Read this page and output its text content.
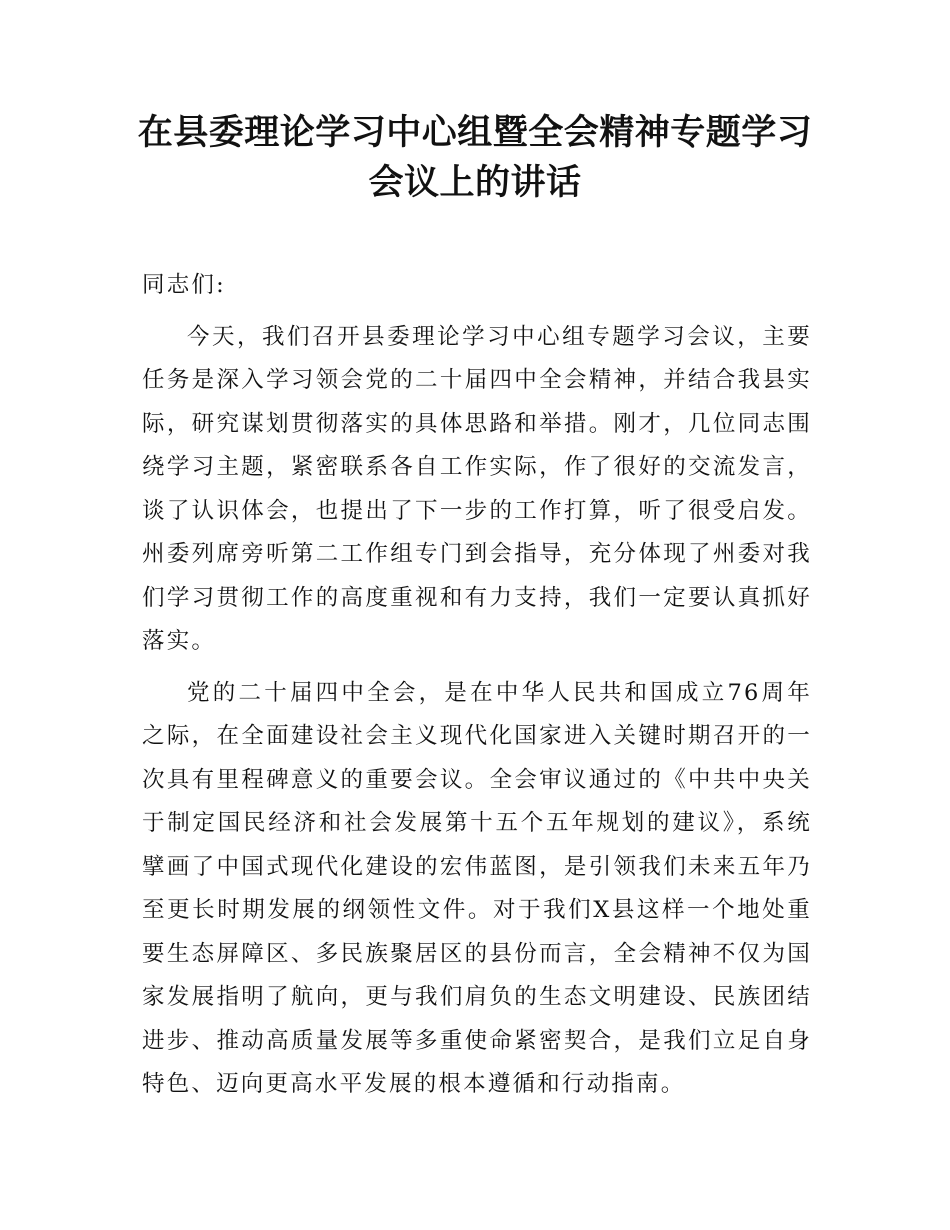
在县委理论学习中心组暨全会精神专题学习
会议上的讲话

同志们:

今天，我们召开县委理论学习中心组专题学习会议，主要任务是深入学习领会党的二十届四中全会精神，并结合我县实际，研究谋划贯彻落实的具体思路和举措。刚才，几位同志围绕学习主题，紧密联系各自工作实际，作了很好的交流发言，谈了认识体会，也提出了下一步的工作打算，听了很受启发。州委列席旁听第二工作组专门到会指导，充分体现了州委对我们学习贯彻工作的高度重视和有力支持，我们一定要认真抓好落实。

党的二十届四中全会，是在中华人民共和国成立76周年之际，在全面建设社会主义现代化国家进入关键时期召开的一次具有里程碑意义的重要会议。全会审议通过的《中共中央关于制定国民经济和社会发展第十五个五年规划的建议》，系统擘画了中国式现代化建设的宏伟蓝图，是引领我们未来五年乃至更长时期发展的纲领性文件。对于我们X县这样一个地处重要生态屏障区、多民族聚居区的县份而言，全会精神不仅为国家发展指明了航向，更与我们肩负的生态文明建设、民族团结进步、推动高质量发展等多重使命紧密契合，是我们立足自身特色、迈向更高水平发展的根本遵循和行动指南。
